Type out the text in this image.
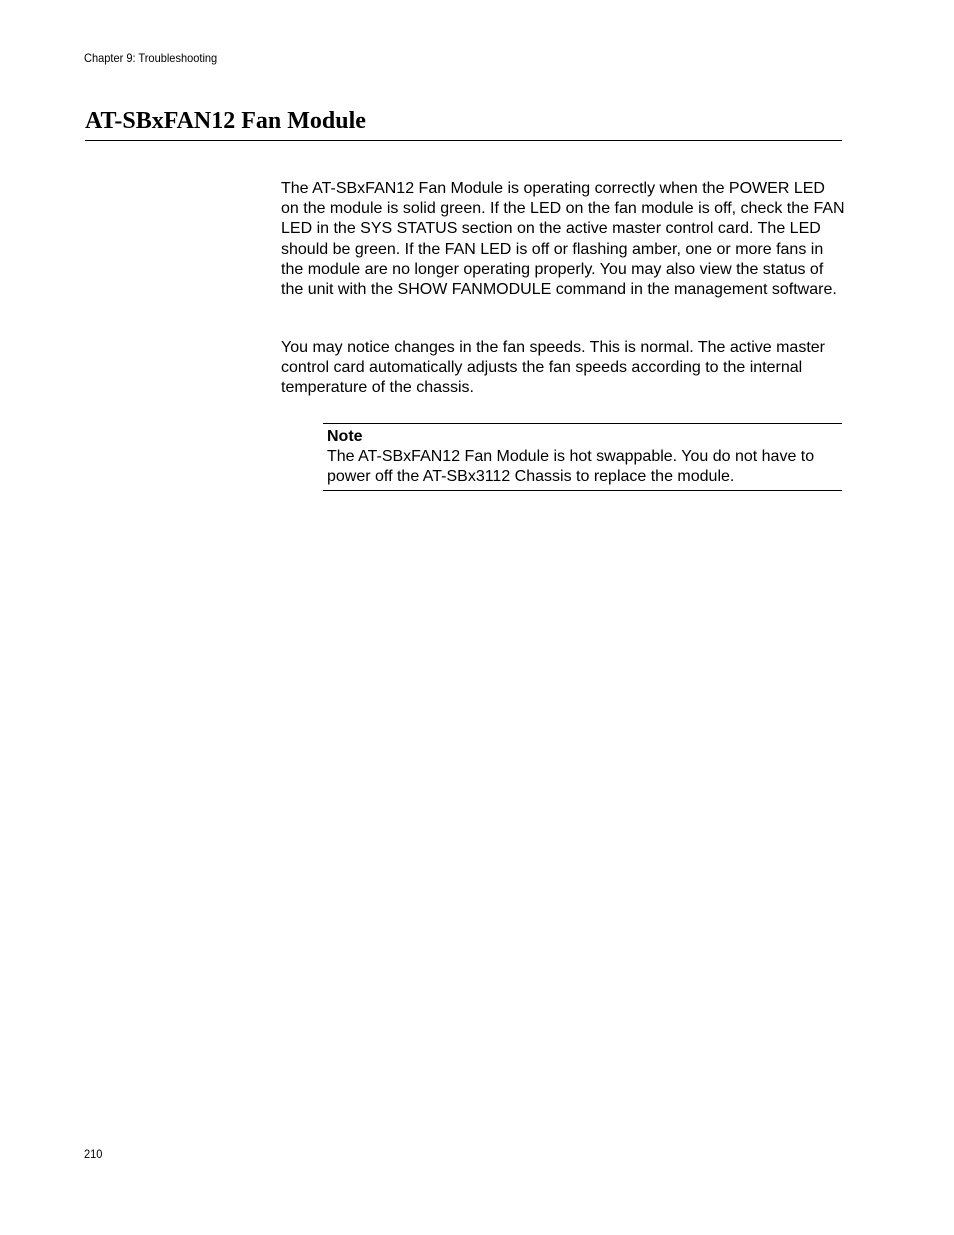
Chapter 9: Troubleshooting
AT-SBxFAN12 Fan Module

The AT-SBxFAN12 Fan Module is operating correctly when the POWER LED on the module is solid green. If the LED on the fan module is off, check the FAN LED in the SYS STATUS section on the active master control card. The LED should be green. If the FAN LED is off or flashing amber, one or more fans in the module are no longer operating properly. You may also view the status of the unit with the SHOW FANMODULE command in the management software.

You may notice changes in the fan speeds. This is normal. The active master control card automatically adjusts the fan speeds according to the internal temperature of the chassis.

Note
The AT-SBxFAN12 Fan Module is hot swappable. You do not have to power off the AT-SBx3112 Chassis to replace the module.
210
